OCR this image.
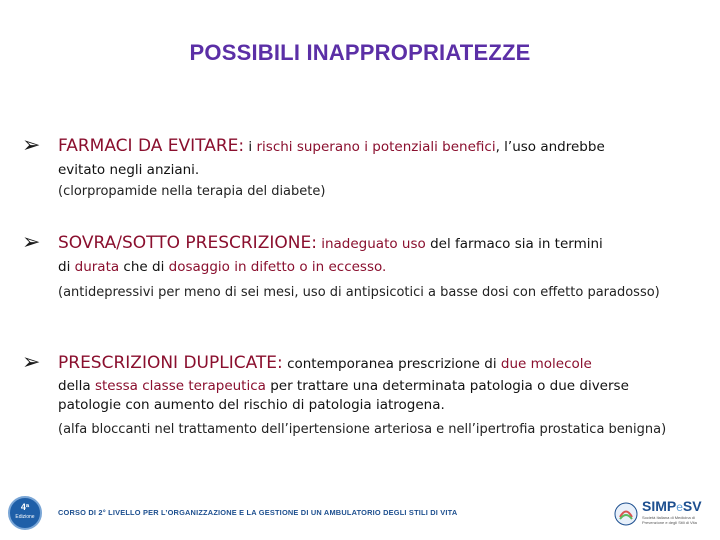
POSSIBILI INAPPROPRIATEZZE
➢ FARMACI DA EVITARE: i rischi superano i potenziali benefici, l’uso andrebbe
evitato negli anziani.
(clorpropamide nella terapia del diabete)
➢ SOVRA/SOTTO PRESCRIZIONE: inadeguato uso del farmaco sia in termini
di durata che di dosaggio in difetto o in eccesso.
(antidepressivi per meno di sei mesi, uso di antipsicotici a basse dosi con effetto paradosso)
➢ PRESCRIZIONI DUPLICATE: contemporanea prescrizione di due molecole
della stessa classe terapeutica per trattare una determinata patologia o due diverse
patologie con aumento del rischio di patologia iatrogena.
(alfa bloccanti nel trattamento dell’ipertensione arteriosa e nell’ipertrofia prostatica benigna)
4ª
Edizione	CORSO DI 2° LIVELLO PER L’ORGANIZZAZIONE E LA GESTIONE DI UN AMBULATORIO DEGLI STILI DI VITA	SIMPeSV
Società Italiana di Medicina di Prevenzione e degli Stili di Vita
